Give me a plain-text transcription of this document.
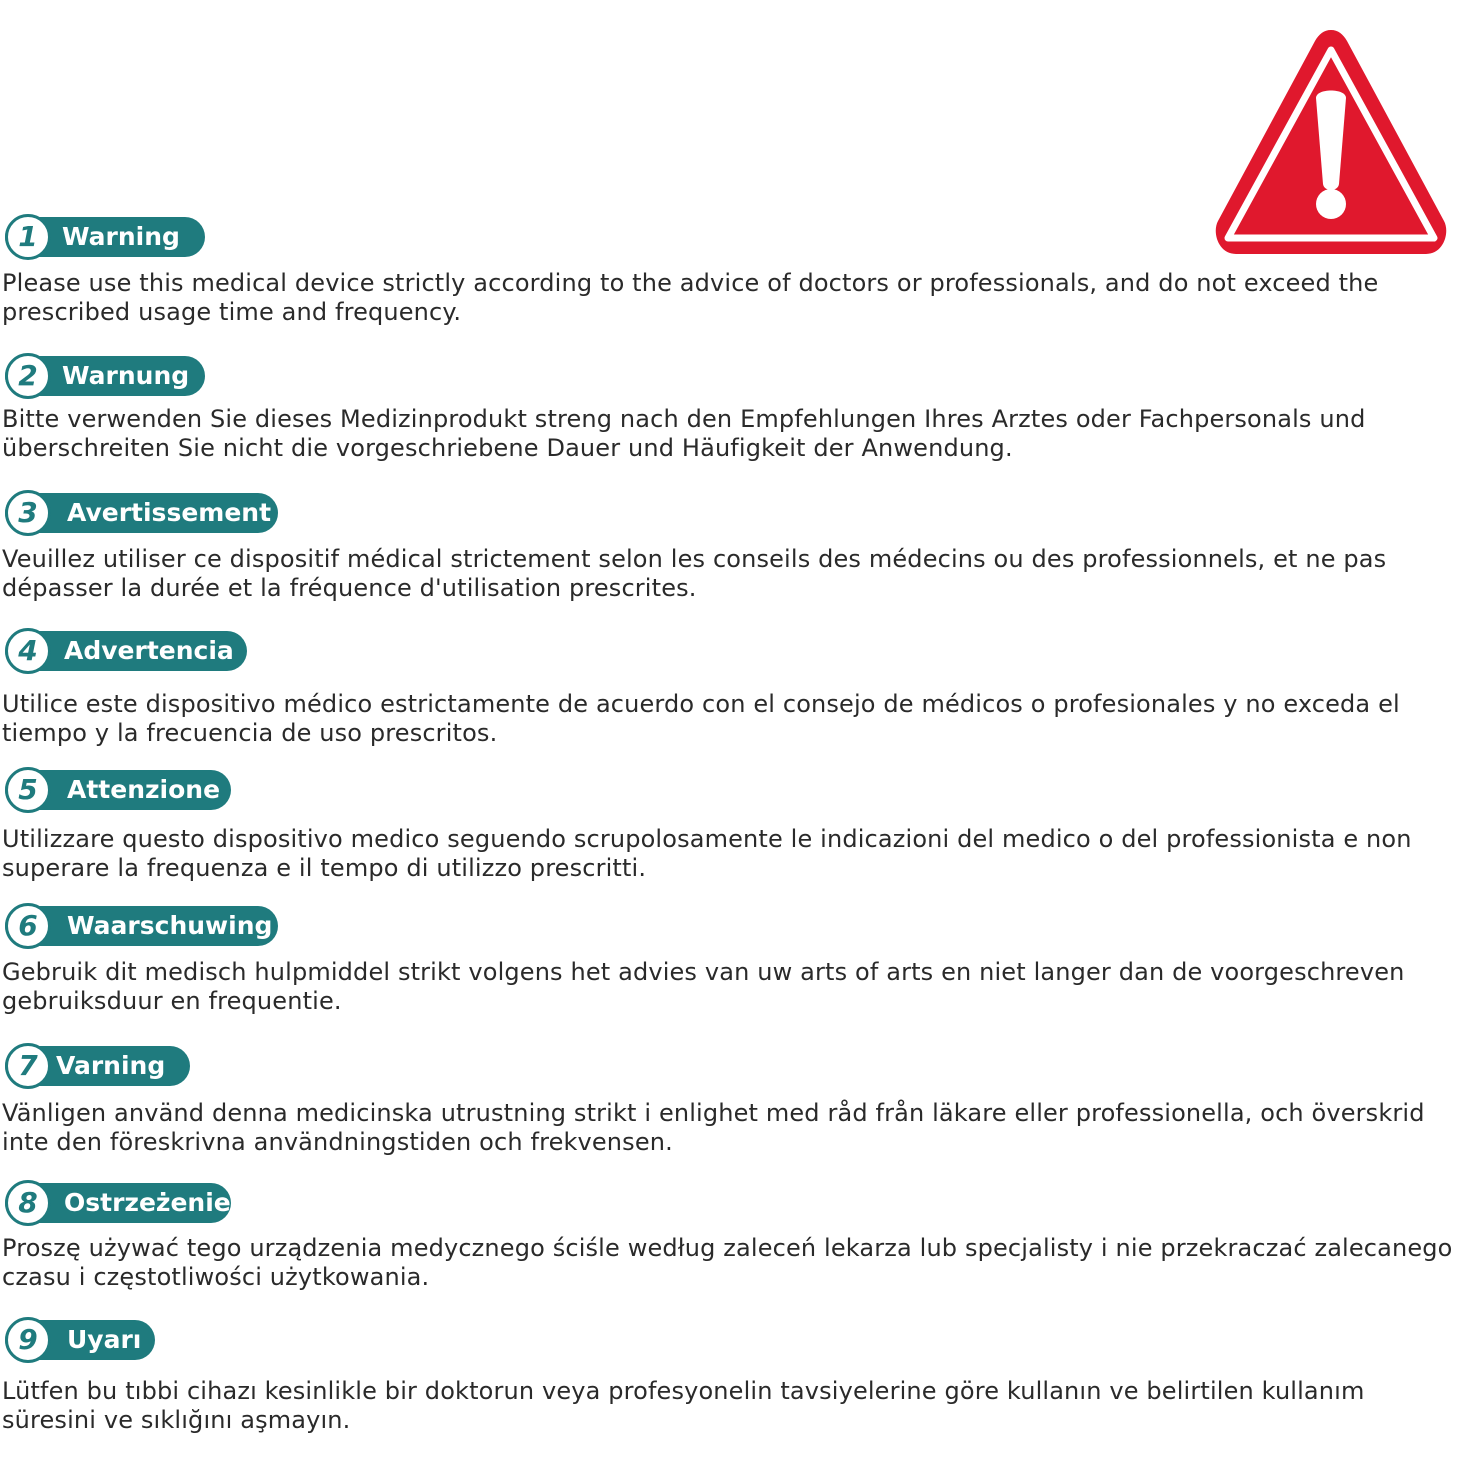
1 Warning

Please use this medical device strictly according to the advice of doctors or professionals, and do not exceed the prescribed usage time and frequency.

2 Warnung

Bitte verwenden Sie dieses Medizinprodukt streng nach den Empfehlungen Ihres Arztes oder Fachpersonals und überschreiten Sie nicht die vorgeschriebene Dauer und Häufigkeit der Anwendung.

3	Avertissement

Veuillez utiliser ce dispositif médical strictement selon les conseils des médecins ou des professionnels, et ne pas dépasser la durée et la fréquence d'utilisation prescrites.

4	Advertencia

Utilice este dispositivo médico estrictamente de acuerdo con el consejo de médicos o profesionales y no exceda el tiempo y la frecuencia de uso prescritos.

5	Attenzione

Utilizzare questo dispositivo medico seguendo scrupolosamente le indicazioni del medico o del professionista e non superare la frequenza e il tempo di utilizzo prescritti.

6	Waarschuwing

Gebruik dit medisch hulpmiddel strikt volgens het advies van uw arts of arts en niet langer dan de voorgeschreven gebruiksduur en frequentie.

7 Varning

Vänligen använd denna medicinska utrustning strikt i enlighet med råd från läkare eller professionella, och överskrid inte den föreskrivna användningstiden och frekvensen.

8	Ostrzeżenie

Proszę używać tego urządzenia medycznego ściśle według zaleceń lekarza lub specjalisty i nie przekraczać zalecanego czasu i częstotliwości użytkowania.

9	Uyarı

Lütfen bu tıbbi cihazı kesinlikle bir doktorun veya profesyonelin tavsiyelerine göre kullanın ve belirtilen kullanım süresini ve sıklığını aşmayın.
